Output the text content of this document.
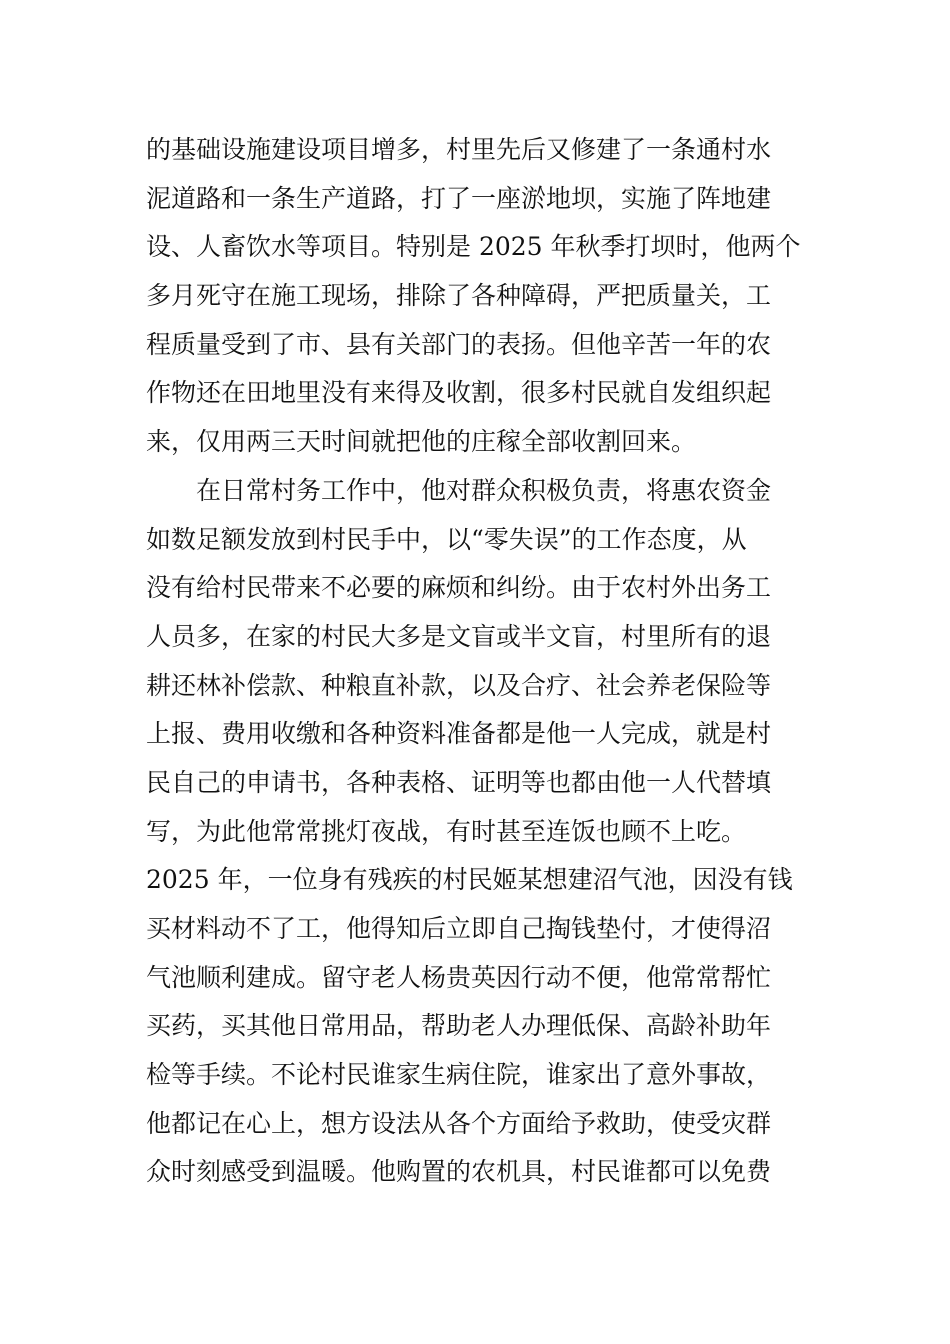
的基础设施建设项目增多，村里先后又修建了一条通村水
泥道路和一条生产道路，打了一座淤地坝，实施了阵地建
设、人畜饮水等项目。特别是 2025 年秋季打坝时，他两个
多月死守在施工现场，排除了各种障碍，严把质量关，工
程质量受到了市、县有关部门的表扬。但他辛苦一年的农
作物还在田地里没有来得及收割，很多村民就自发组织起
来，仅用两三天时间就把他的庄稼全部收割回来。
在日常村务工作中，他对群众积极负责，将惠农资金
如数足额发放到村民手中，以“零失误”的工作态度，从
没有给村民带来不必要的麻烦和纠纷。由于农村外出务工
人员多，在家的村民大多是文盲或半文盲，村里所有的退
耕还林补偿款、种粮直补款，以及合疗、社会养老保险等
上报、费用收缴和各种资料准备都是他一人完成，就是村
民自己的申请书，各种表格、证明等也都由他一人代替填
写，为此他常常挑灯夜战，有时甚至连饭也顾不上吃。
2025 年，一位身有残疾的村民姬某想建沼气池，因没有钱
买材料动不了工，他得知后立即自己掏钱垫付，才使得沼
气池顺利建成。留守老人杨贵英因行动不便，他常常帮忙
买药，买其他日常用品，帮助老人办理低保、高龄补助年
检等手续。不论村民谁家生病住院，谁家出了意外事故，
他都记在心上，想方设法从各个方面给予救助，使受灾群
众时刻感受到温暖。他购置的农机具，村民谁都可以免费
